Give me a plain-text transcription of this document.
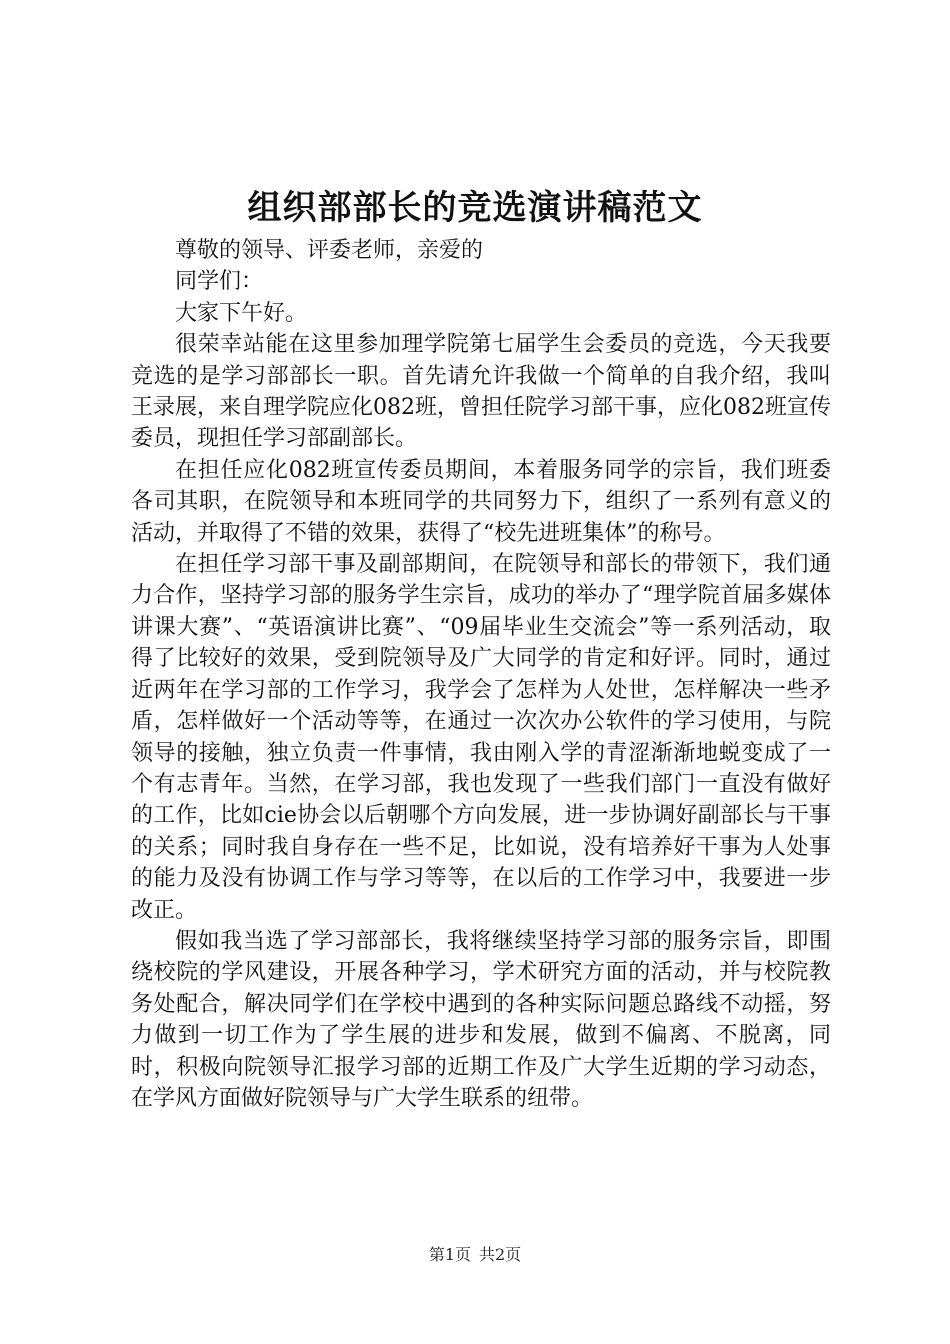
组织部部长的竞选演讲稿范文

尊敬的领导、评委老师，亲爱的

同学们：

大家下午好。

很荣幸站能在这里参加理学院第七届学生会委员的竞选，今天我要竞选的是学习部部长一职。首先请允许我做一个简单的自我介绍，我叫王录展，来自理学院应化082班，曾担任院学习部干事，应化082班宣传委员，现担任学习部副部长。

在担任应化082班宣传委员期间，本着服务同学的宗旨，我们班委各司其职，在院领导和本班同学的共同努力下，组织了一系列有意义的活动，并取得了不错的效果，获得了“校先进班集体”的称号。

在担任学习部干事及副部期间，在院领导和部长的带领下，我们通力合作，坚持学习部的服务学生宗旨，成功的举办了“理学院首届多媒体讲课大赛”、“英语演讲比赛”、“09届毕业生交流会”等一系列活动，取得了比较好的效果，受到院领导及广大同学的肯定和好评。同时，通过近两年在学习部的工作学习，我学会了怎样为人处世，怎样解决一些矛盾，怎样做好一个活动等等，在通过一次次办公软件的学习使用，与院领导的接触，独立负责一件事情，我由刚入学的青涩渐渐地蜕变成了一个有志青年。当然，在学习部，我也发现了一些我们部门一直没有做好的工作，比如cie协会以后朝哪个方向发展，进一步协调好副部长与干事的关系；同时我自身存在一些不足，比如说，没有培养好干事为人处事的能力及没有协调工作与学习等等，在以后的工作学习中，我要进一步改正。

假如我当选了学习部部长，我将继续坚持学习部的服务宗旨，即围绕校院的学风建设，开展各种学习，学术研究方面的活动，并与校院教务处配合，解决同学们在学校中遇到的各种实际问题总路线不动摇，努力做到一切工作为了学生展的进步和发展，做到不偏离、不脱离，同时，积极向院领导汇报学习部的近期工作及广大学生近期的学习动态，在学风方面做好院领导与广大学生联系的纽带。

第1页 共2页
